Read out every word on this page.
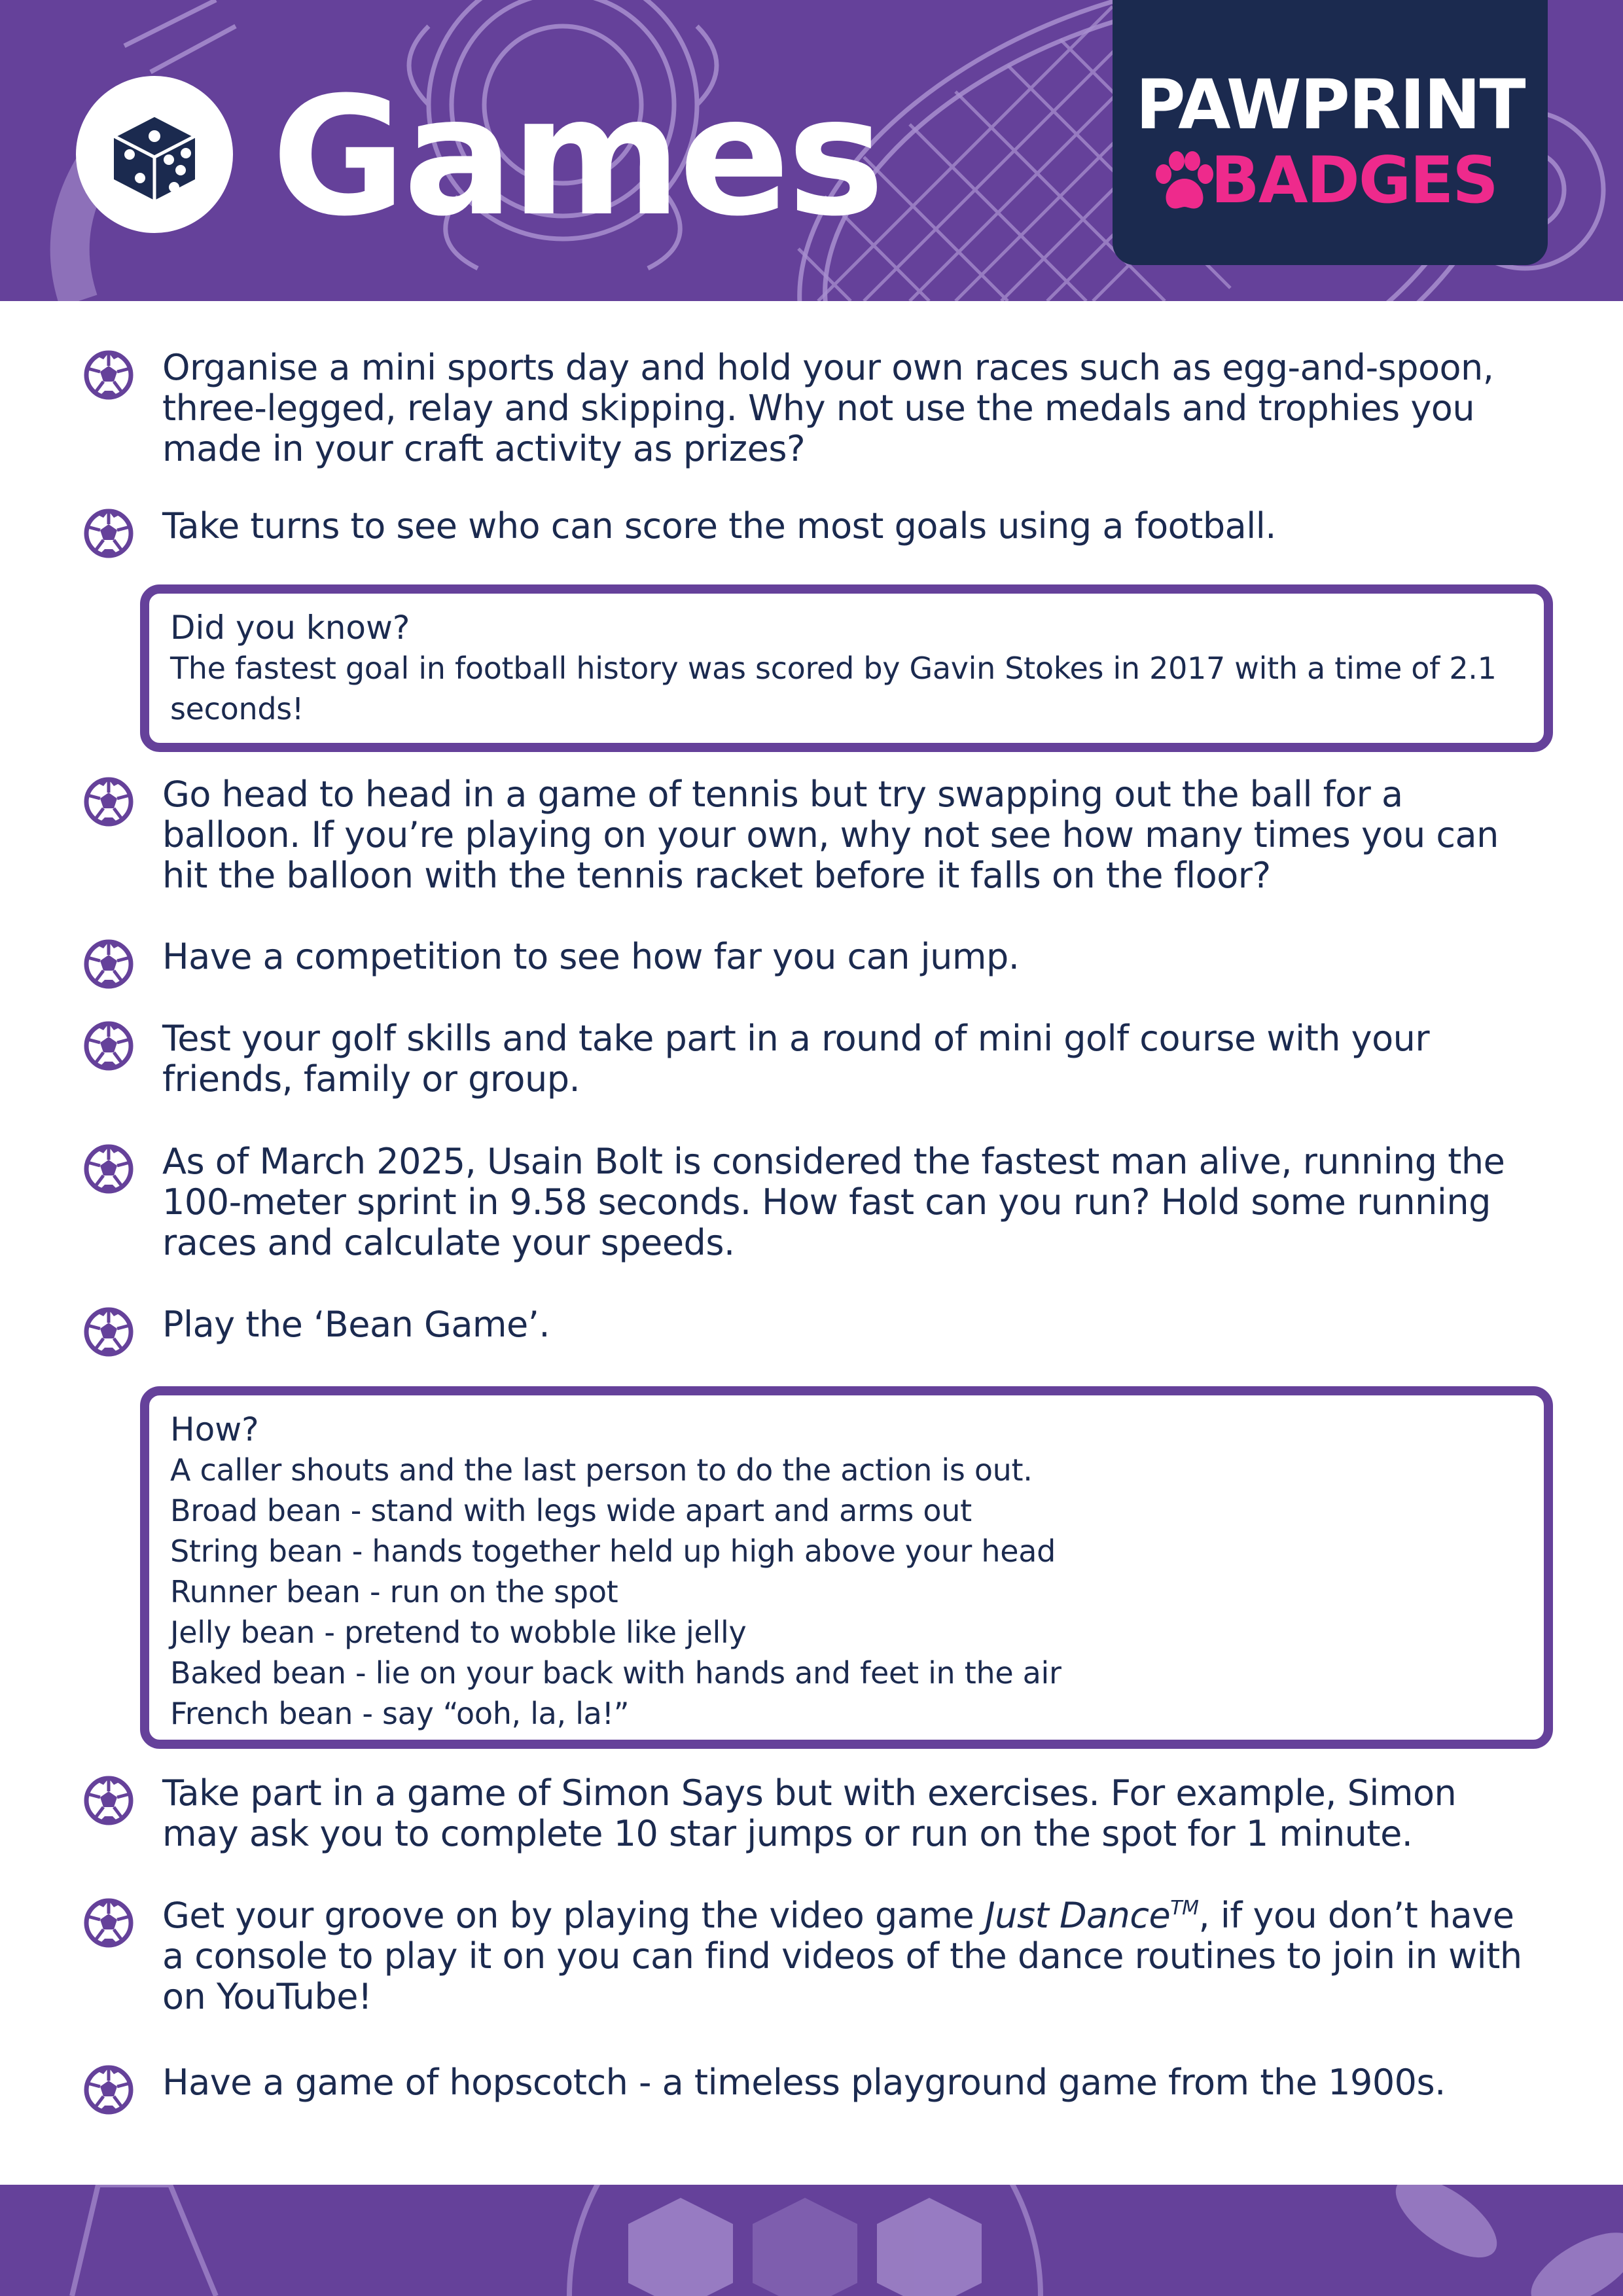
Games	PAWPRINT
BADGES

Organise a mini sports day and hold your own races such as egg-and-spoon, three-legged, relay and skipping. Why not use the medals and trophies you made in your craft activity as prizes?

Take turns to see who can score the most goals using a football.

Did you know?

The fastest goal in football history was scored by Gavin Stokes in 2017 with a time of 2.1

seconds!

Go head to head in a game of tennis but try swapping out the ball for a balloon. If you’re playing on your own, why not see how many times you can hit the balloon with the tennis racket before it falls on the floor?

Have a competition to see how far you can jump.

Test your golf skills and take part in a round of mini golf course with your friends, family or group.

As of March 2025, Usain Bolt is considered the fastest man alive, running the 100-meter sprint in 9.58 seconds. How fast can you run? Hold some running races and calculate your speeds.

Play the ‘Bean Game’.

How?

A caller shouts and the last person to do the action is out.

Broad bean - stand with legs wide apart and arms out

String bean - hands together held up high above your head

Runner bean - run on the spot

Jelly bean - pretend to wobble like jelly

Baked bean - lie on your back with hands and feet in the air

French bean - say “ooh, la, la!”

Take part in a game of Simon Says but with exercises. For example, Simon may ask you to complete 10 star jumps or run on the spot for 1 minute.

Get your groove on by playing the video game Just Dance™, if you don’t have a console to play it on you can find videos of the dance routines to join in with on YouTube!

Have a game of hopscotch - a timeless playground game from the 1900s.
